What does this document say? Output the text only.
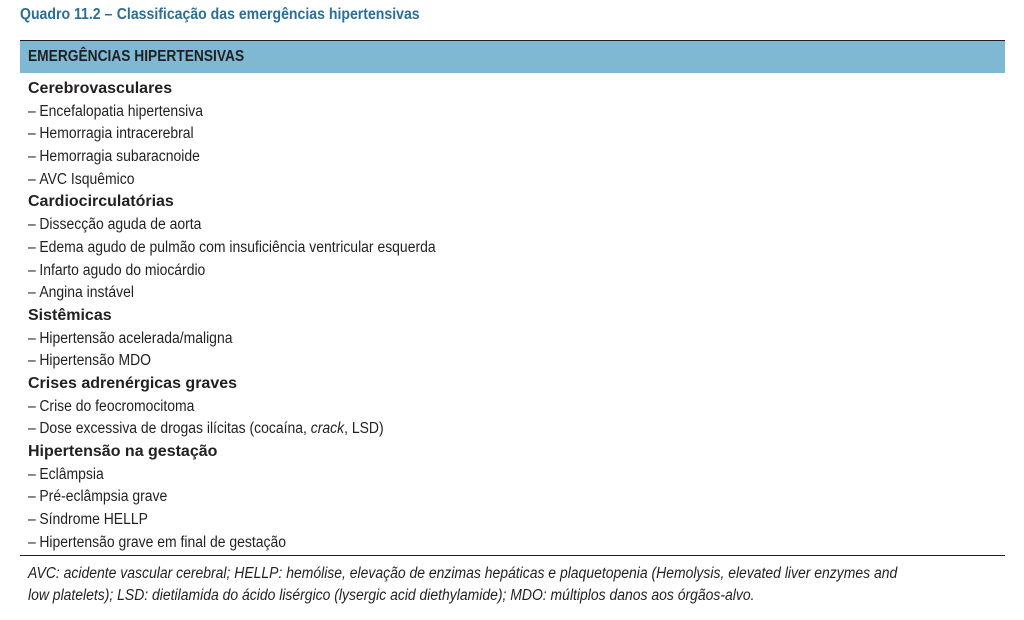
Quadro 11.2 – Classificação das emergências hipertensivas
EMERGÊNCIAS HIPERTENSIVAS
Cerebrovasculares
– Encefalopatia hipertensiva
– Hemorragia intracerebral
– Hemorragia subaracnoide
– AVC Isquêmico
Cardiocirculatórias
– Dissecção aguda de aorta
– Edema agudo de pulmão com insuficiência ventricular esquerda
– Infarto agudo do miocárdio
– Angina instável
Sistêmicas
– Hipertensão acelerada/maligna
– Hipertensão MDO
Crises adrenérgicas graves
– Crise do feocromocitoma
– Dose excessiva de drogas ilícitas (cocaína, crack, LSD)
Hipertensão na gestação
– Eclâmpsia
– Pré-eclâmpsia grave
– Síndrome HELLP
– Hipertensão grave em final de gestação
AVC: acidente vascular cerebral; HELLP: hemólise, elevação de enzimas hepáticas e plaquetopenia (Hemolysis, elevated liver enzymes and
low platelets); LSD: dietilamida do ácido lisérgico (lysergic acid diethylamide); MDO: múltiplos danos aos órgãos-alvo.
